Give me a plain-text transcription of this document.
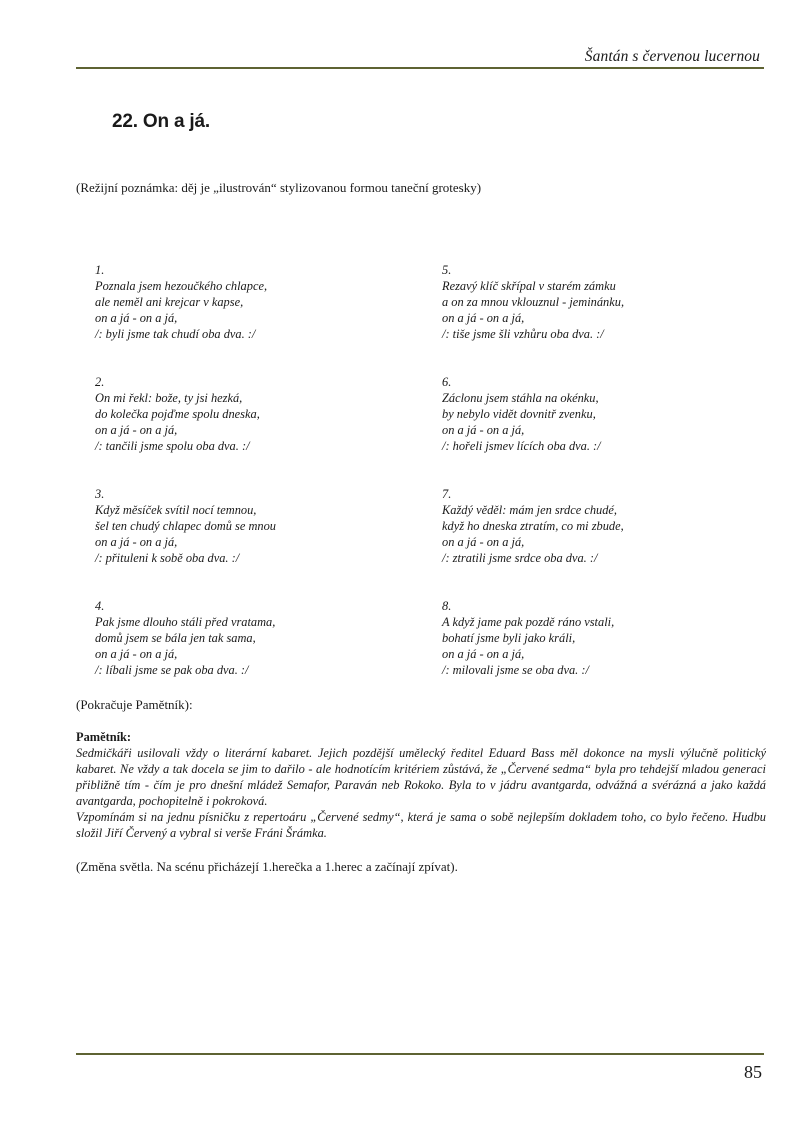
Šantán s červenou lucernou
22. On a já.
(Režijní poznámka: děj je „ilustrován“ stylizovanou formou taneční grotesky)
1.
Poznala jsem hezoučkého chlapce,
ale neměl ani krejcar v kapse,
on a já - on a já,
/: byli jsme tak chudí oba dva. :/
2.
On mi řekl: bože, ty jsi hezká,
do kolečka pojďme spolu dneska,
on a já - on a já,
/: tančili jsme spolu oba dva. :/
3.
Když měsíček svítil nocí temnou,
šel ten chudý chlapec domů se mnou
on a já - on a já,
/: přituleni k sobě oba dva. :/
4.
Pak jsme dlouho stáli před vratama,
domů jsem se bála jen tak sama,
on a já - on a já,
/: líbali jsme se pak oba dva. :/
5.
Rezavý klíč skřípal v starém zámku
a on za mnou vklouznul - jeminánku,
on a já - on a já,
/: tiše jsme šli vzhůru oba dva. :/
6.
Záclonu jsem stáhla na okénku,
by nebylo vidět dovnitř zvenku,
on a já - on a já,
/: hořeli jsmev lících oba dva. :/
7.
Každý věděl: mám jen srdce chudé,
když ho dneska ztratím, co mi zbude,
on a já - on a já,
/: ztratili jsme srdce oba dva. :/
8.
A když jame pak pozdě ráno vstali,
bohatí jsme byli jako králi,
on a já - on a já,
/: milovali jsme se oba dva. :/
(Pokračuje Pamětník):
Pamětník:
Sedmičkáři usilovali vždy o literární kabaret. Jejich pozdější umělecký ředitel Eduard Bass měl dokonce na mysli výlučně politický kabaret. Ne vždy a tak docela se jim to dařilo - ale hodnotícím kritériem zůstává, že „Červené sedma“ byla pro tehdejší mladou generaci přibližně tím - čím je pro dnešní mládež Semafor, Paraván neb Rokoko. Byla to v jádru avantgarda, odvážná a svérázná a jako každá avantgarda, pochopitelně i pokroková.
Vzpomínám si na jednu písničku z repertoáru „Červené sedmy“, která je sama o sobě nejlepším dokladem toho, co bylo řečeno. Hudbu složil Jiří Červený a vybral si verše Fráni Šrámka.
(Změna světla. Na scénu přicházejí 1.herečka a 1.herec a začínají zpívat).
85
